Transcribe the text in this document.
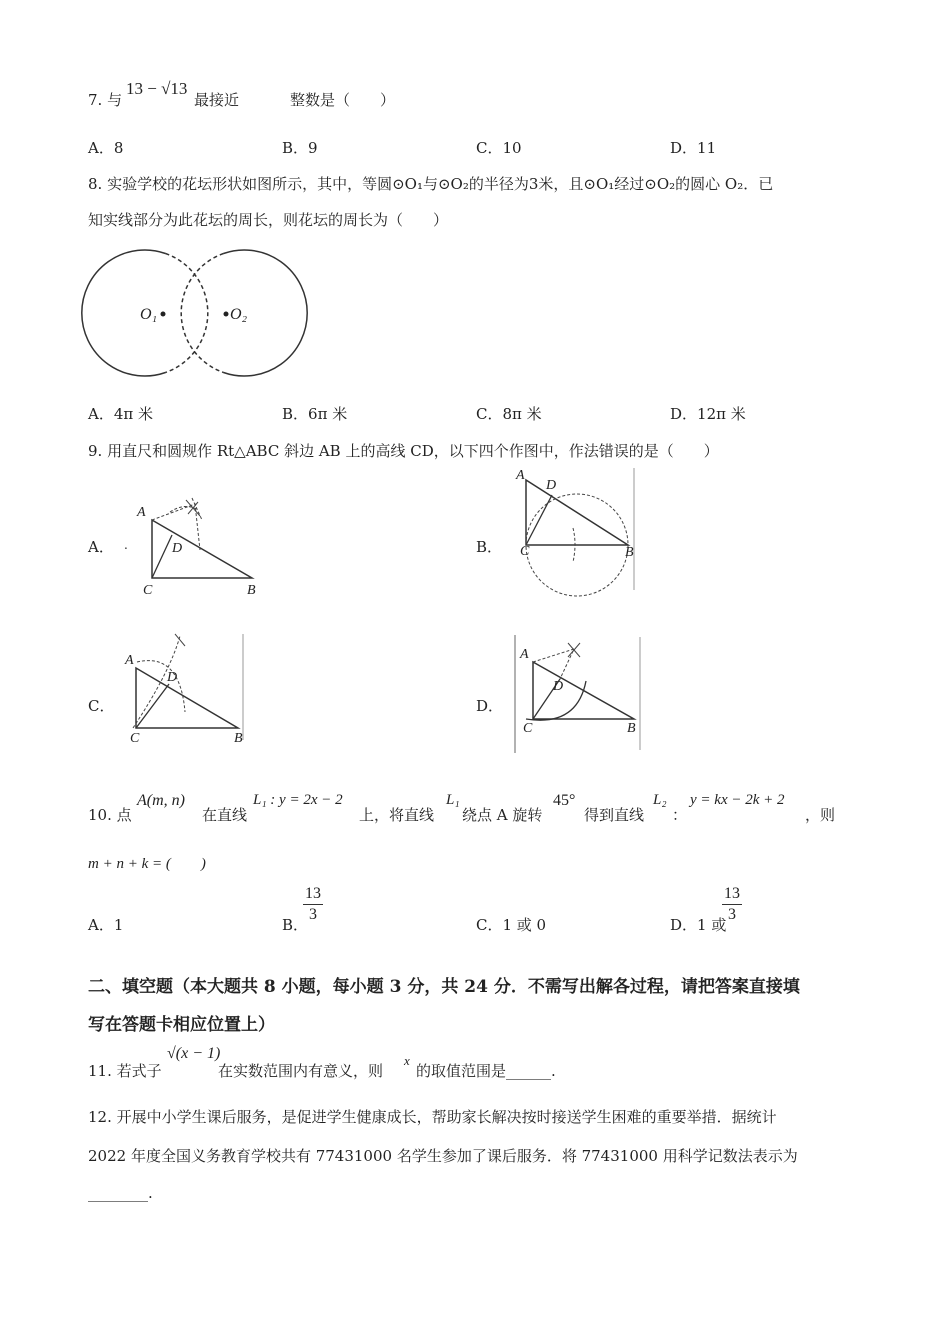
7. 与
13 − √13
最接近	整数是（　　）
A．8	B．9	C．10	D．11
8. 实验学校的花坛形状如图所示，其中，等圆⊙O₁与⊙O₂的半径为3米，且⊙O₁经过⊙O₂的圆心 O₂．已
知实线部分为此花坛的周长，则花坛的周长为（　　）
O₁	O₂
A．4π 米	B．6π 米	C．8π 米	D．12π 米
9. 用直尺和圆规作 Rt△ABC 斜边 AB 上的高线 CD，以下四个作图中，作法错误的是（　　）
A． .	B．
C．	D．
A
D
C	B
A
D
C	B
A
D
C	B
A
D
C	B
10. 点
A(m, n)
在直线
L₁ : y = 2x − 2
上，将直线
L₁
绕点 A 旋转
45°
得到直线
L₂
：
y = kx − 2k + 2
，则
m + n + k = (　　)
A．1	B．
$\frac{13}{3}$	C．1 或 0	D．1 或
$\frac{13}{3}$
二、填空题（本大题共 8 小题，每小题 3 分，共 24 分．不需写出解各过程，请把答案直接填
写在答题卡相应位置上）
11. 若式子
√(x − 1)
在实数范围内有意义，则
x
的取值范围是______.
12. 开展中小学生课后服务，是促进学生健康成长，帮助家长解决按时接送学生困难的重要举措．据统计
2022 年度全国义务教育学校共有 77431000 名学生参加了课后服务．将 77431000 用科学记数法表示为
________.
